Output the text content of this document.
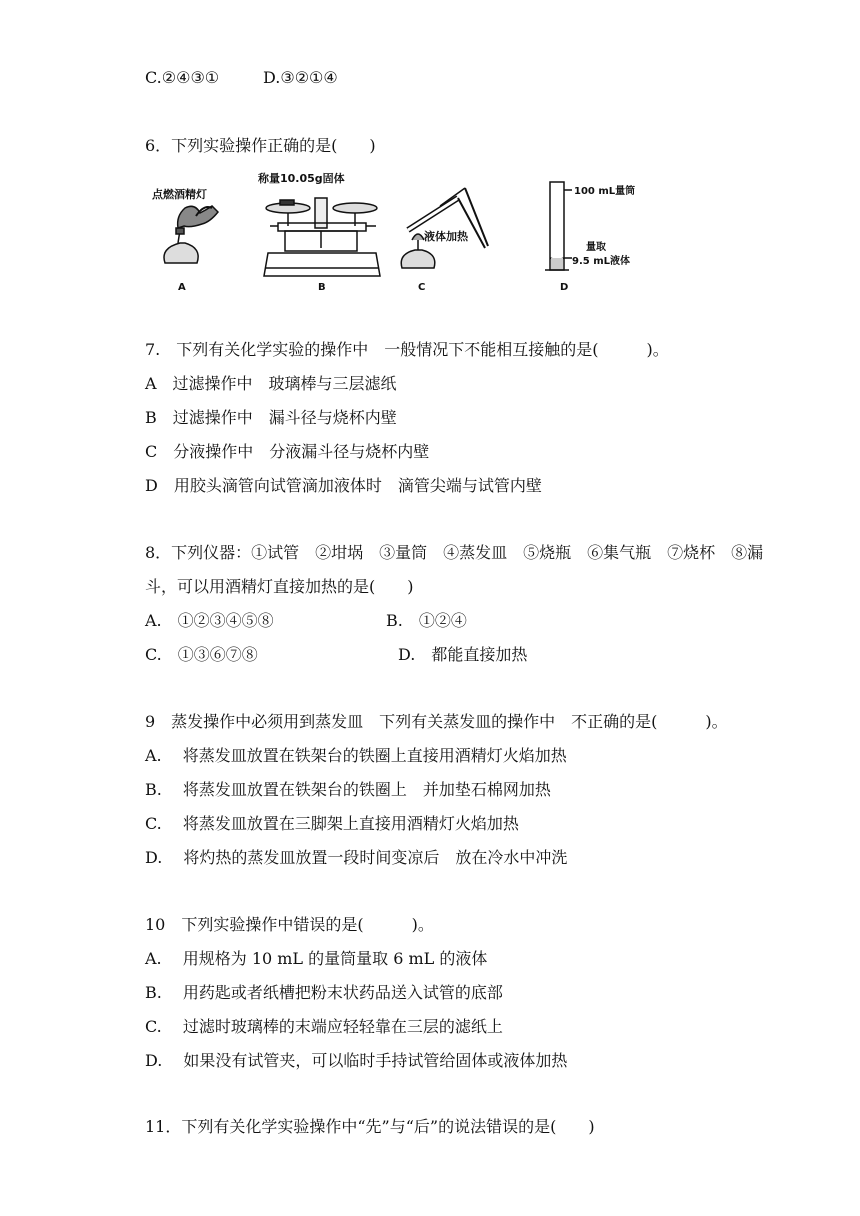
C.②④③①	D.③②①④
6．下列实验操作正确的是(　　)
点燃酒精灯
A
称量10.05g固体
B
液体加热
C
100 mL量筒
量取
9.5 mL液体
D
7.　下列有关化学实验的操作中　一般情况下不能相互接触的是(　　　)。
A　过滤操作中　玻璃棒与三层滤纸
B　过滤操作中　漏斗径与烧杯内壁
C　分液操作中　分液漏斗径与烧杯内壁
D　用胶头滴管向试管滴加液体时　滴管尖端与试管内壁
8．下列仪器：①试管　②坩埚　③量筒　④蒸发皿　⑤烧瓶　⑥集气瓶　⑦烧杯　⑧漏
斗，可以用酒精灯直接加热的是(　　)
A.　①②③④⑤⑧	B.　①②④
C.　①③⑥⑦⑧	D.　都能直接加热
9　蒸发操作中必须用到蒸发皿　下列有关蒸发皿的操作中　不正确的是(　　　)。
A.　 将蒸发皿放置在铁架台的铁圈上直接用酒精灯火焰加热
B.　 将蒸发皿放置在铁架台的铁圈上　并加垫石棉网加热
C.　 将蒸发皿放置在三脚架上直接用酒精灯火焰加热
D.　 将灼热的蒸发皿放置一段时间变凉后　放在冷水中冲洗
10　下列实验操作中错误的是(　　　)。
A.　 用规格为 10 mL 的量筒量取 6 mL 的液体
B.　 用药匙或者纸槽把粉末状药品送入试管的底部
C.　 过滤时玻璃棒的末端应轻轻靠在三层的滤纸上
D.　 如果没有试管夹，可以临时手持试管给固体或液体加热
11．下列有关化学实验操作中“先”与“后”的说法错误的是(　　)
